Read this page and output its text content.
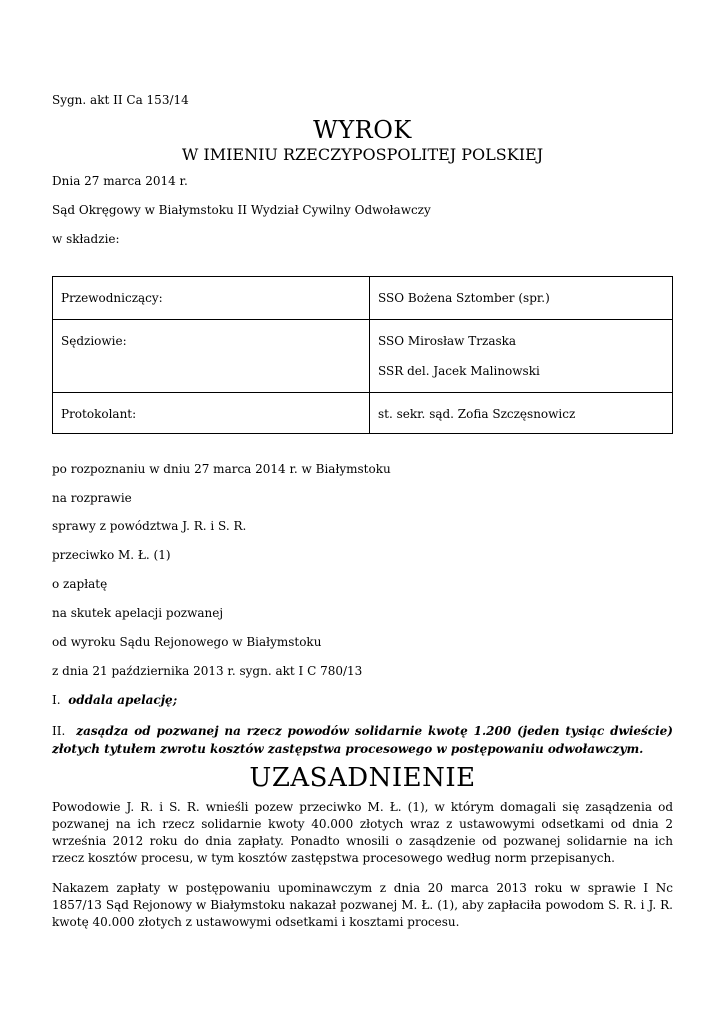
Sygn. akt II Ca 153/14
WYROK
W IMIENIU RZECZYPOSPOLITEJ POLSKIEJ
Dnia 27 marca 2014 r.
Sąd Okręgowy w Białymstoku II Wydział Cywilny Odwoławczy
w składzie:
Przewodniczący:	SSO Bożena Sztomber (spr.)

Sędziowie:	SSO Mirosław Trzaska
SSR del. Jacek Malinowski

Protokolant:	st. sekr. sąd. Zofia Szczęsnowicz
po rozpoznaniu w dniu 27 marca 2014 r. w Białymstoku
na rozprawie
sprawy z powództwa J. R. i S. R.
przeciwko M. Ł. (1)
o zapłatę
na skutek apelacji pozwanej
od wyroku Sądu Rejonowego w Białymstoku
z dnia 21 października 2013 r. sygn. akt I C 780/13
I. oddala apelację;
II. zasądza od pozwanej na rzecz powodów solidarnie kwotę 1.200 (jeden tysiąc dwieście) złotych tytułem zwrotu kosztów zastępstwa procesowego w postępowaniu odwoławczym.
UZASADNIENIE
Powodowie J. R. i S. R. wnieśli pozew przeciwko M. Ł. (1), w którym domagali się zasądzenia od pozwanej na ich rzecz solidarnie kwoty 40.000 złotych wraz z ustawowymi odsetkami od dnia 2 września 2012 roku do dnia zapłaty. Ponadto wnosili o zasądzenie od pozwanej solidarnie na ich rzecz kosztów procesu, w tym kosztów zastępstwa procesowego według norm przepisanych.
Nakazem zapłaty w postępowaniu upominawczym z dnia 20 marca 2013 roku w sprawie I Nc 1857/13 Sąd Rejonowy w Białymstoku nakazał pozwanej M. Ł. (1), aby zapłaciła powodom S. R. i J. R. kwotę 40.000 złotych z ustawowymi odsetkami i kosztami procesu.
